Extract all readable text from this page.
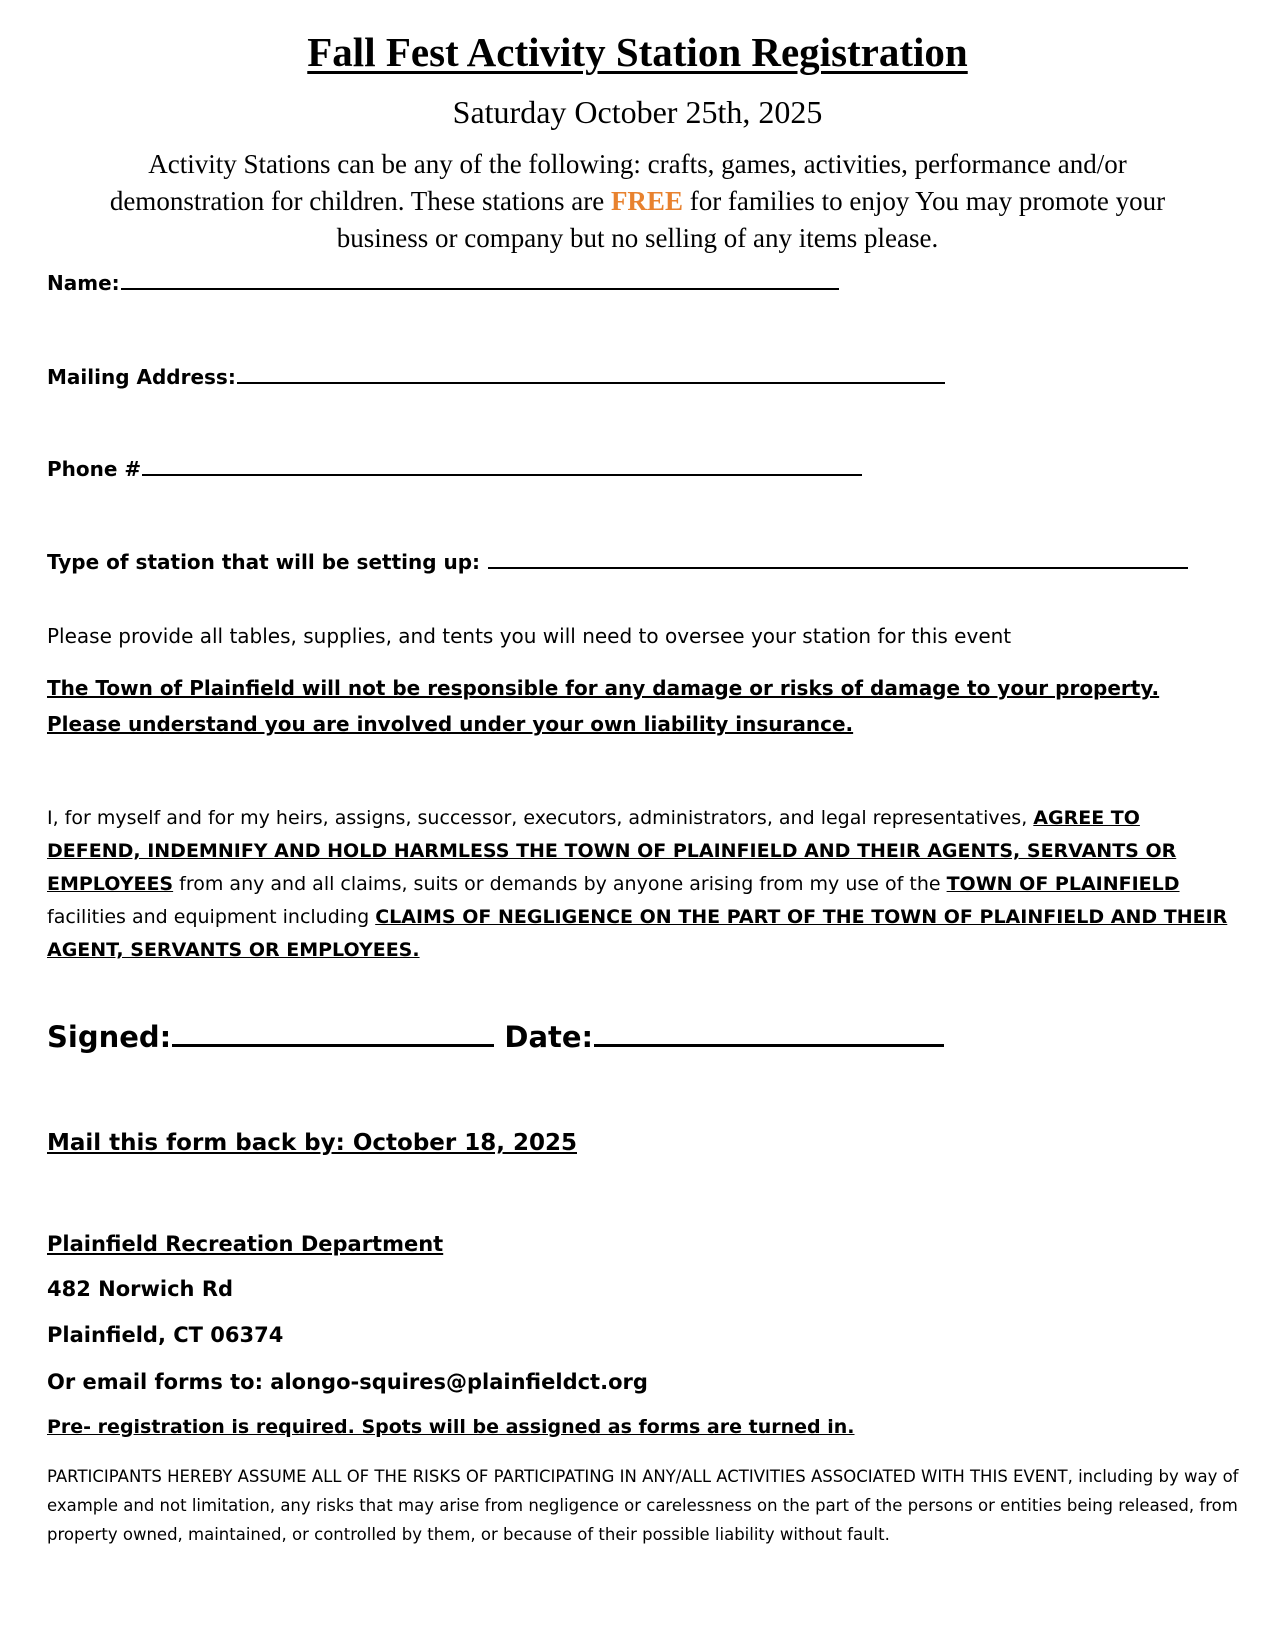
Fall Fest Activity Station Registration
Saturday October 25th, 2025
Activity Stations can be any of the following: crafts, games, activities, performance and/or demonstration for children. These stations are FREE for families to enjoy You may promote your business or company but no selling of any items please.
Name:
Mailing Address:
Phone #
Type of station that will be setting up:
Please provide all tables, supplies, and tents you will need to oversee your station for this event
The Town of Plainfield will not be responsible for any damage or risks of damage to your property. Please understand you are involved under your own liability insurance.
I, for myself and for my heirs, assigns, successor, executors, administrators, and legal representatives, AGREE TO DEFEND, INDEMNIFY AND HOLD HARMLESS THE TOWN OF PLAINFIELD AND THEIR AGENTS, SERVANTS OR EMPLOYEES from any and all claims, suits or demands by anyone arising from my use of the TOWN OF PLAINFIELD facilities and equipment including CLAIMS OF NEGLIGENCE ON THE PART OF THE TOWN OF PLAINFIELD AND THEIR AGENT, SERVANTS OR EMPLOYEES.
Signed:	Date:
Mail this form back by: October 18, 2025
Plainfield Recreation Department
482 Norwich Rd
Plainfield, CT 06374
Or email forms to: alongo-squires@plainfieldct.org
Pre- registration is required. Spots will be assigned as forms are turned in.
PARTICIPANTS HEREBY ASSUME ALL OF THE RISKS OF PARTICIPATING IN ANY/ALL ACTIVITIES ASSOCIATED WITH THIS EVENT, including by way of example and not limitation, any risks that may arise from negligence or carelessness on the part of the persons or entities being released, from property owned, maintained, or controlled by them, or because of their possible liability without fault.
